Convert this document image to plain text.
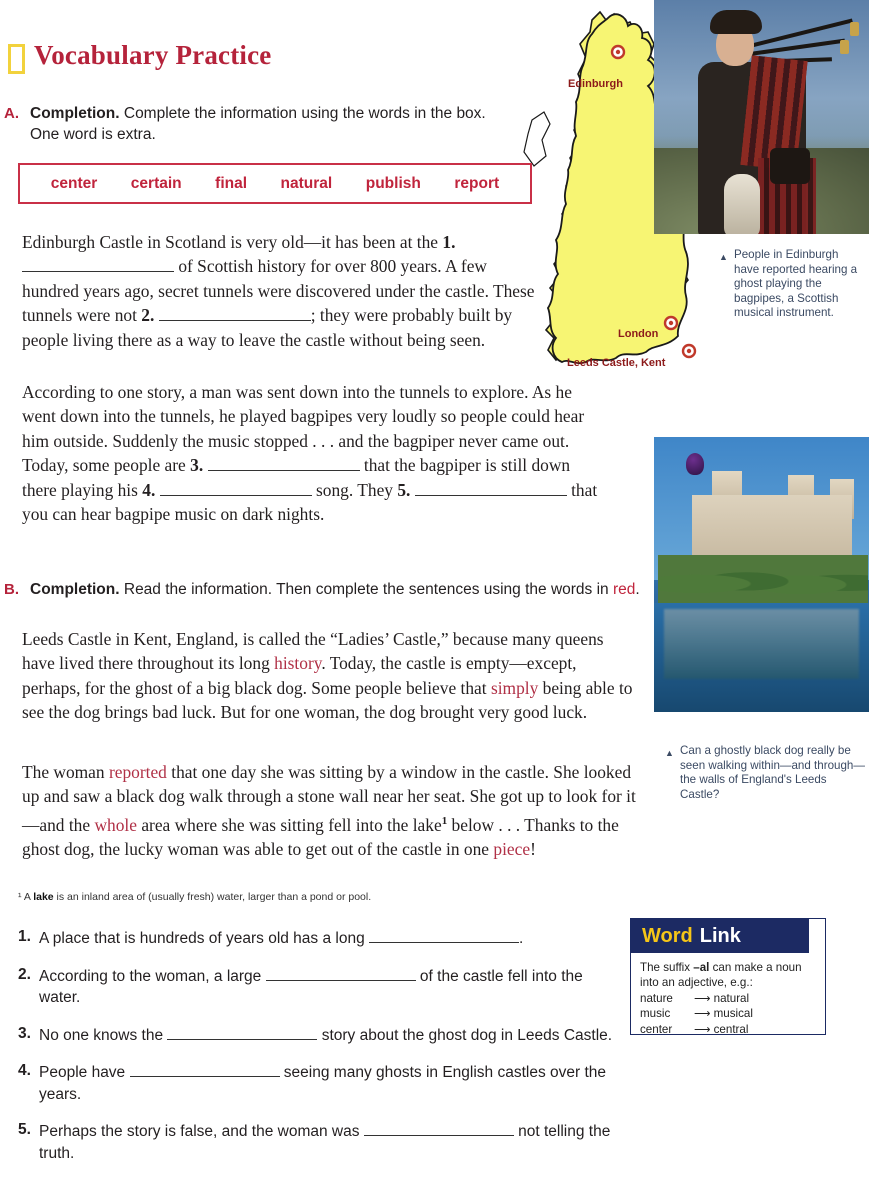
Edinburgh
London
Leeds Castle, Kent
Vocabulary Practice
A. Completion. Complete the information using the words in the box. One word is extra.
center certain final natural publish report
Edinburgh Castle in Scotland is very old—it has been at the 1.  of Scottish history for over 800 years. A few hundred years ago, secret tunnels were discovered under the castle. These tunnels were not 2.	; they were probably built by people living there as a way to leave the castle without being seen.
According to one story, a man was sent down into the tunnels to explore. As he went down into the tunnels, he played bagpipes very loudly so people could hear him outside. Suddenly the music stopped . . . and the bagpiper never came out. Today, some people are 3.	that the bagpiper is still down there playing his 4.	song. They 5.	that you can hear bagpipe music on dark nights.
B. Completion. Read the information. Then complete the sentences using the words in red.
Leeds Castle in Kent, England, is called the “Ladies’ Castle,” because many queens have lived there throughout its long history. Today, the castle is empty—except, perhaps, for the ghost of a big black dog. Some people believe that simply being able to see the dog brings bad luck. But for one woman, the dog brought very good luck.
The woman reported that one day she was sitting by a window in the castle. She looked up and saw a black dog walk through a stone wall near her seat. She got up to look for it—and the whole area where she was sitting fell into the lake$^1$ below . . . Thanks to the ghost dog, the lucky woman was able to get out of the castle in one piece!
¹ A lake is an inland area of (usually fresh) water, larger than a pond or pool.
1. A place that is hundreds of years old has a long	.
2. According to the woman, a large	of the castle fell into the water.
3. No one knows the	story about the ghost dog in Leeds Castle.
4. People have	seeing many ghosts in English castles over the years.
5. Perhaps the story is false, and the woman was	not telling the truth.
▲ People in Edinburgh have reported hearing a ghost playing the bagpipes, a Scottish musical instrument.
▲ Can a ghostly black dog really be seen walking within—and through—the walls of England's Leeds Castle?
Word Link
The suffix –al can make a noun into an adjective, e.g.:
nature	⟶ natural
music	⟶ musical
center	⟶ central
